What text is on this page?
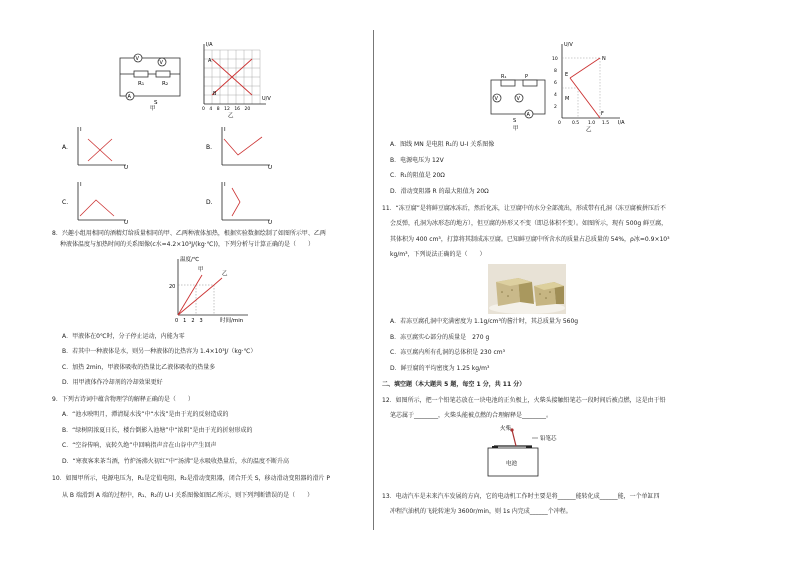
V
V
A
R₁	R₂
S
甲
I/A
U/V
A
B
0　4　8　12　16　20
乙
A.
I
U
B.
I
U
C.
I
U
D.
I
U
8．兴趣小组用相同的酒精灯给质量相同的甲、乙两种液体加热，根据实验数据绘制了如图所示甲、乙两
种液体温度与加热时间的关系图像(c水=4.2×10³J/(kg·℃))，下列分析与计算正确的是（　　）
温度/℃
20
0　1　2　3	时间/min
甲
乙
A．甲液体在0℃时，分子停止运动，内能为零
B．若其中一种液体是水，则另一种液体的比热容为 1.4×10³J/（kg·℃）
C．加热 2min，甲液体吸收的热量比乙液体吸收的热量多
D．用甲液体作冷却剂的冷却效果更好
9．下列古诗词中蕴含物理学的解释正确的是（　　）
A．“池水映明月，潭清疑水浅”中“水浅”是由于光的反射造成的
B．“绿树阴浓夏日长，楼台倒影入池塘”中“浓阴”是由于光的折射形成的
C．“空谷传响，哀转久绝”中回响指声音在山谷中产生回声
D．“寒夜客来茶当酒，竹炉汤沸火初红”中“汤沸”是水吸收热量后，水的温度不断升高
10．如图甲所示，电源电压为，R₁是定值电阻，R₂是滑动变阻器，闭合开关 S，移动滑动变阻器的滑片 P
从 B 端滑到 A 端的过程中，R₁、R₂的 U-I 关系图像如图乙所示，则下列判断错误的是（　　）
V	V
A
R₁	P
S
甲
U/V
I/A
10
8
6
4
2
0 0.5 1.0 1.5
N
E
M
F
乙
A．图线 MN 是电阻 R₁的 U-I 关系图像
B．电源电压为 12V
C．R₁的阻值是 20Ω
D．滑动变阻器 R 的最大阻值为 20Ω
11．“冻豆腐”是将鲜豆腐冰冻后，然后化冻，让豆腐中的水分全部流出，形成带有孔洞（冻豆腐被拼压后不
会反弹，孔洞为冰形态的地方），但豆腐的外形又不变（即总体积不变）。如图所示，现有 500g 鲜豆腐，
其体积为 400 cm³，打算将其制成冻豆腐。已知鲜豆腐中所含水的质量占总质量的 54%，ρ冰=0.9×10³
kg/m³，下列说法正确的是（　　）
A．若冻豆腐孔洞中充满密度为 1.1g/cm³的酱汁时，其总质量为 560g
B．冻豆腐实心部分的质量是　270 g
C．冻豆腐内所有孔洞的总体积是 230 cm³
D．鲜豆腐的平均密度为 1.25 kg/m³
二、填空题（本大题共 5 题，每空 1 分，共 11 分）
12．如图所示，把一个铅笔芯放在一块电池的正负极上，火柴头接触铅笔芯一段时间后被点燃，这是由于铅
笔芯属于________，火柴头能被点燃的合理解释是________。
火柴
铅笔芯
电池
13．电动汽车是未来汽车发展的方向，它的电动机工作时主要是将______能转化成______能，一个单缸四
冲程汽油机的飞轮转速为 3600r/min，则 1s 内完成______个冲程。
